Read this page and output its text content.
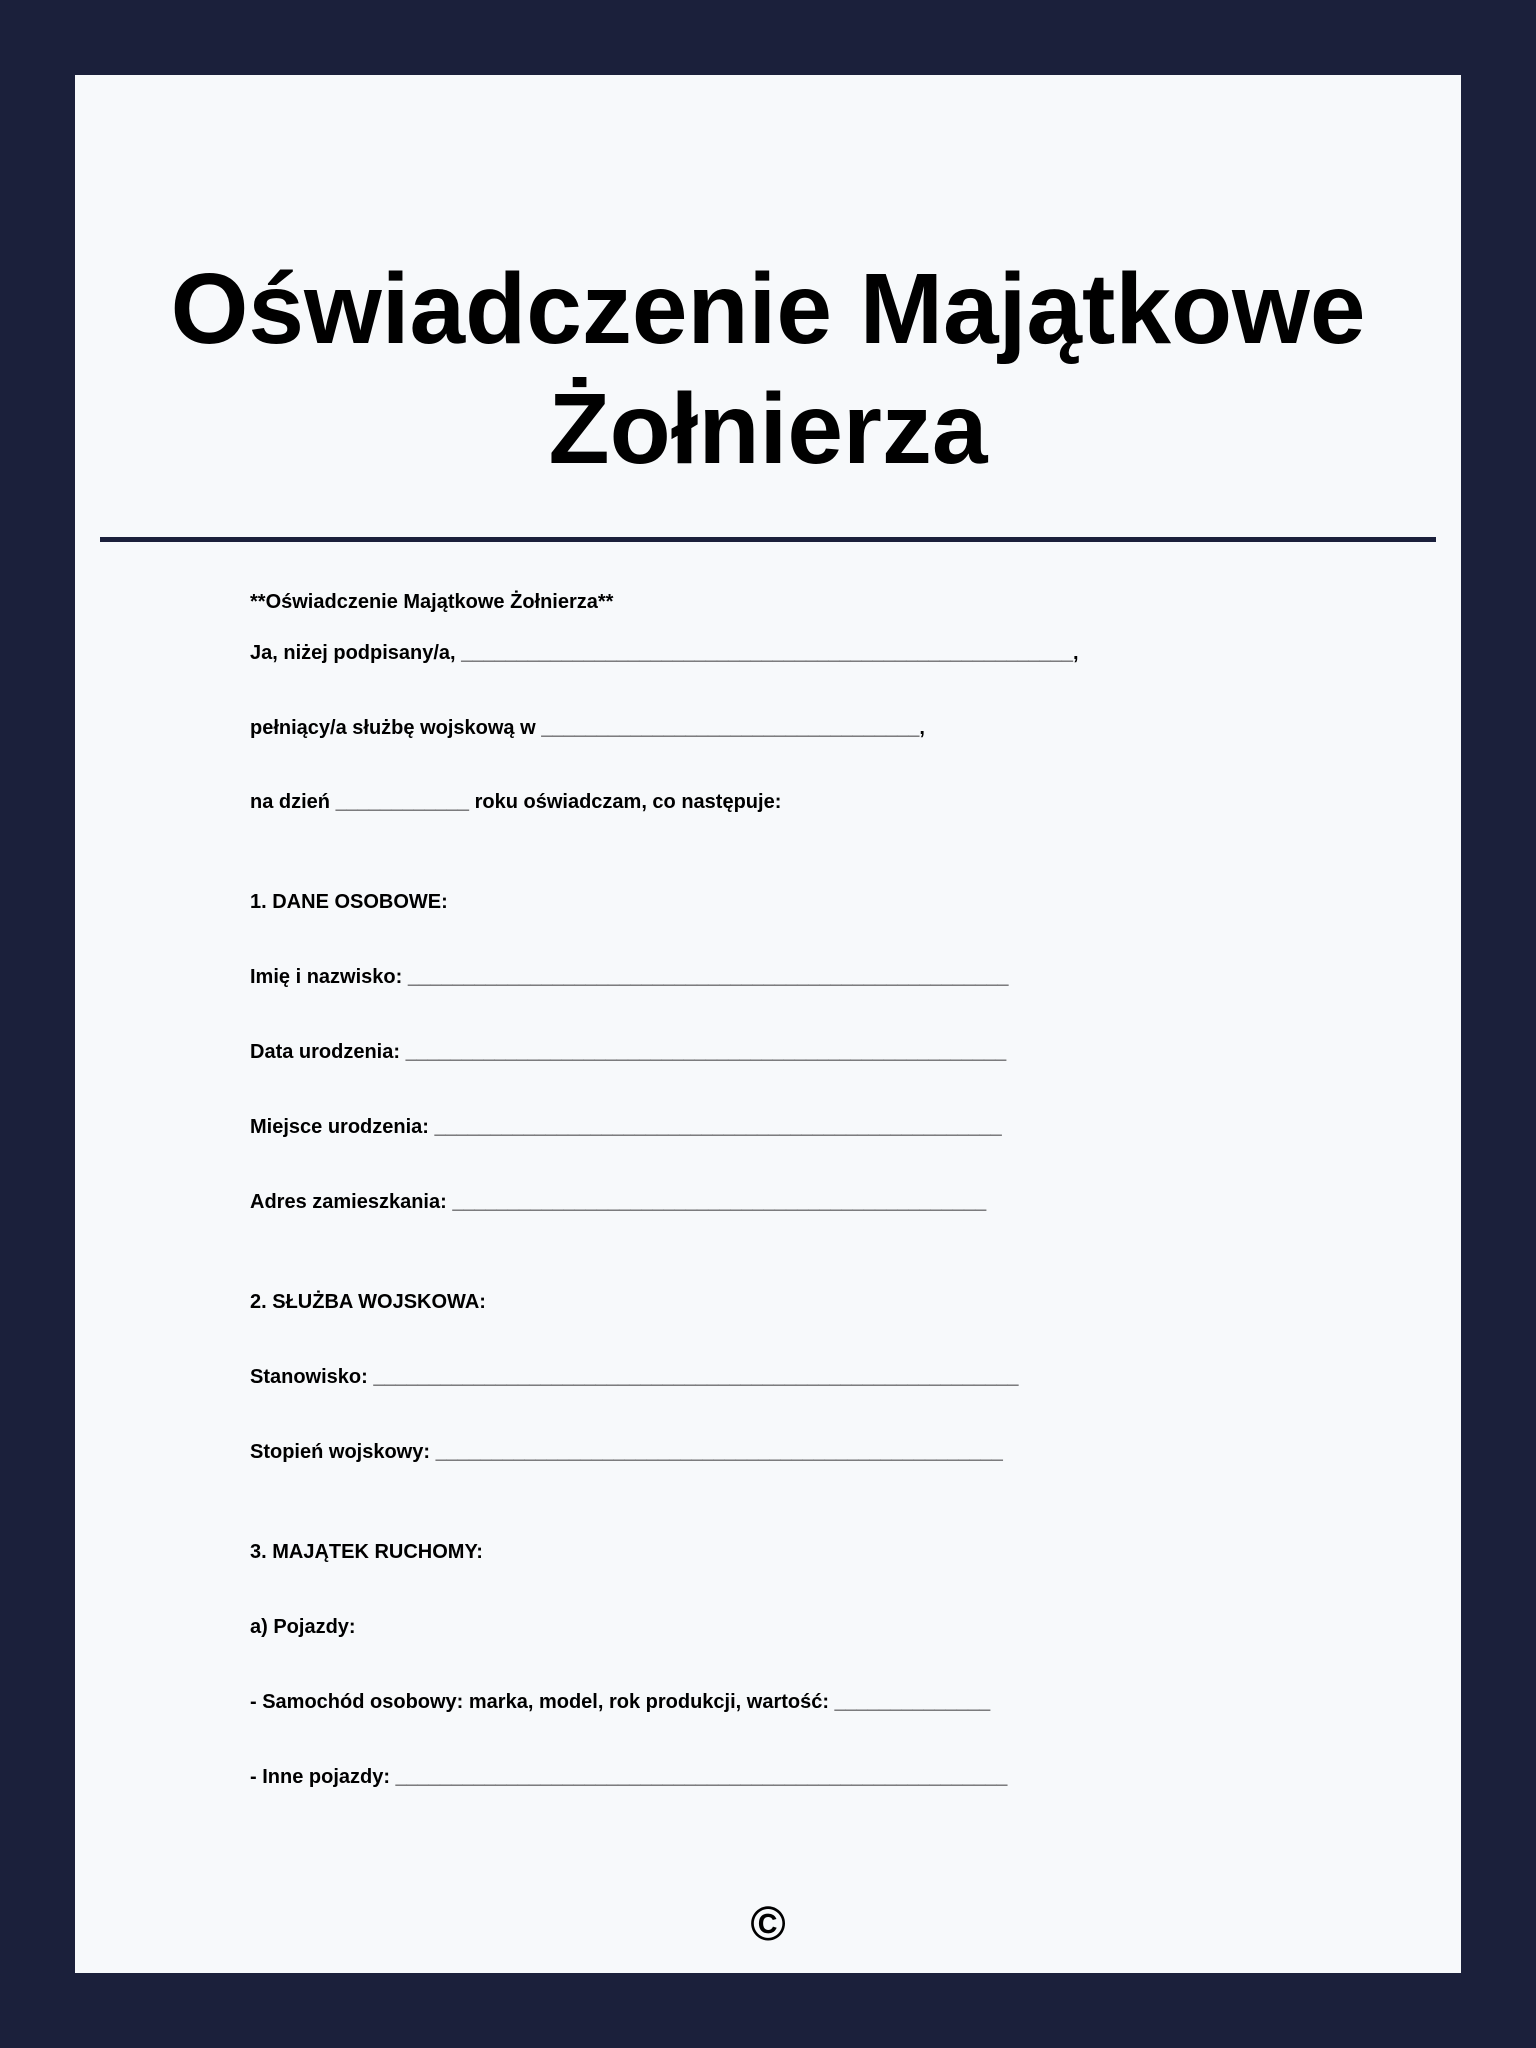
Oświadczenie Majątkowe Żołnierza

**Oświadczenie Majątkowe Żołnierza**

Ja, niżej podpisany/a, _______________________________________________________,

pełniący/a służbę wojskową w __________________________________,

na dzień ____________ roku oświadczam, co następuje:

1. DANE OSOBOWE:

Imię i nazwisko: ______________________________________________________

Data urodzenia: ______________________________________________________

Miejsce urodzenia: ___________________________________________________

Adres zamieszkania: ________________________________________________

2. SŁUŻBA WOJSKOWA:

Stanowisko: __________________________________________________________

Stopień wojskowy: ___________________________________________________

3. MAJĄTEK RUCHOMY:

a) Pojazdy:

- Samochód osobowy: marka, model, rok produkcji, wartość: ______________

- Inne pojazdy: _______________________________________________________

©
